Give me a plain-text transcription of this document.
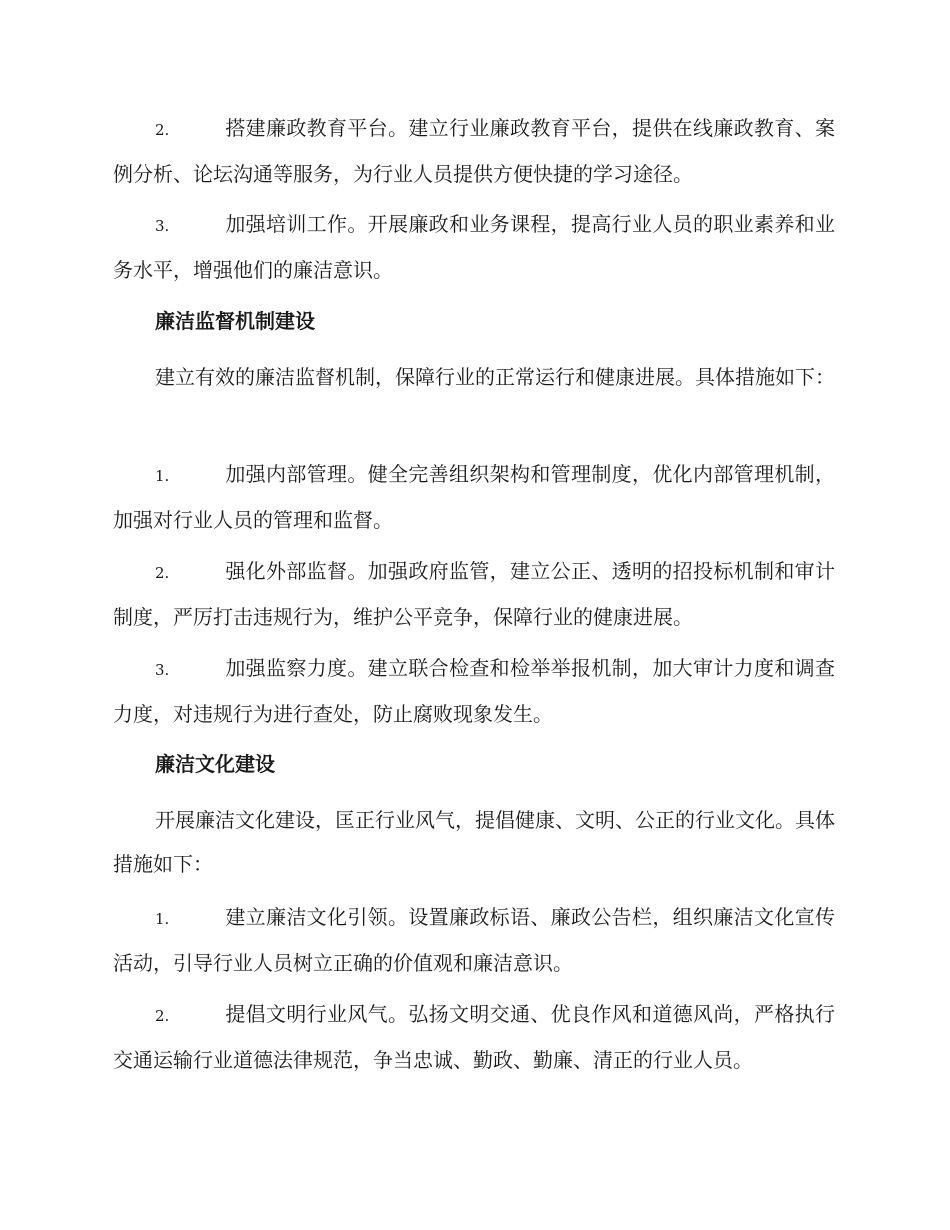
2.	搭建廉政教育平台。建立行业廉政教育平台，提供在线廉政教育、案例分析、论坛沟通等服务，为行业人员提供方便快捷的学习途径。

3.	加强培训工作。开展廉政和业务课程，提高行业人员的职业素养和业务水平，增强他们的廉洁意识。

廉洁监督机制建设

建立有效的廉洁监督机制，保障行业的正常运行和健康进展。具体措施如下：

1.	加强内部管理。健全完善组织架构和管理制度，优化内部管理机制，加强对行业人员的管理和监督。

2.	强化外部监督。加强政府监管，建立公正、透明的招投标机制和审计制度，严厉打击违规行为，维护公平竞争，保障行业的健康进展。

3.	加强监察力度。建立联合检查和检举举报机制，加大审计力度和调查力度，对违规行为进行查处，防止腐败现象发生。

廉洁文化建设

开展廉洁文化建设，匡正行业风气，提倡健康、文明、公正的行业文化。具体措施如下：

1.	建立廉洁文化引领。设置廉政标语、廉政公告栏，组织廉洁文化宣传活动，引导行业人员树立正确的价值观和廉洁意识。

2.	提倡文明行业风气。弘扬文明交通、优良作风和道德风尚，严格执行交通运输行业道德法律规范，争当忠诚、勤政、勤廉、清正的行业人员。
